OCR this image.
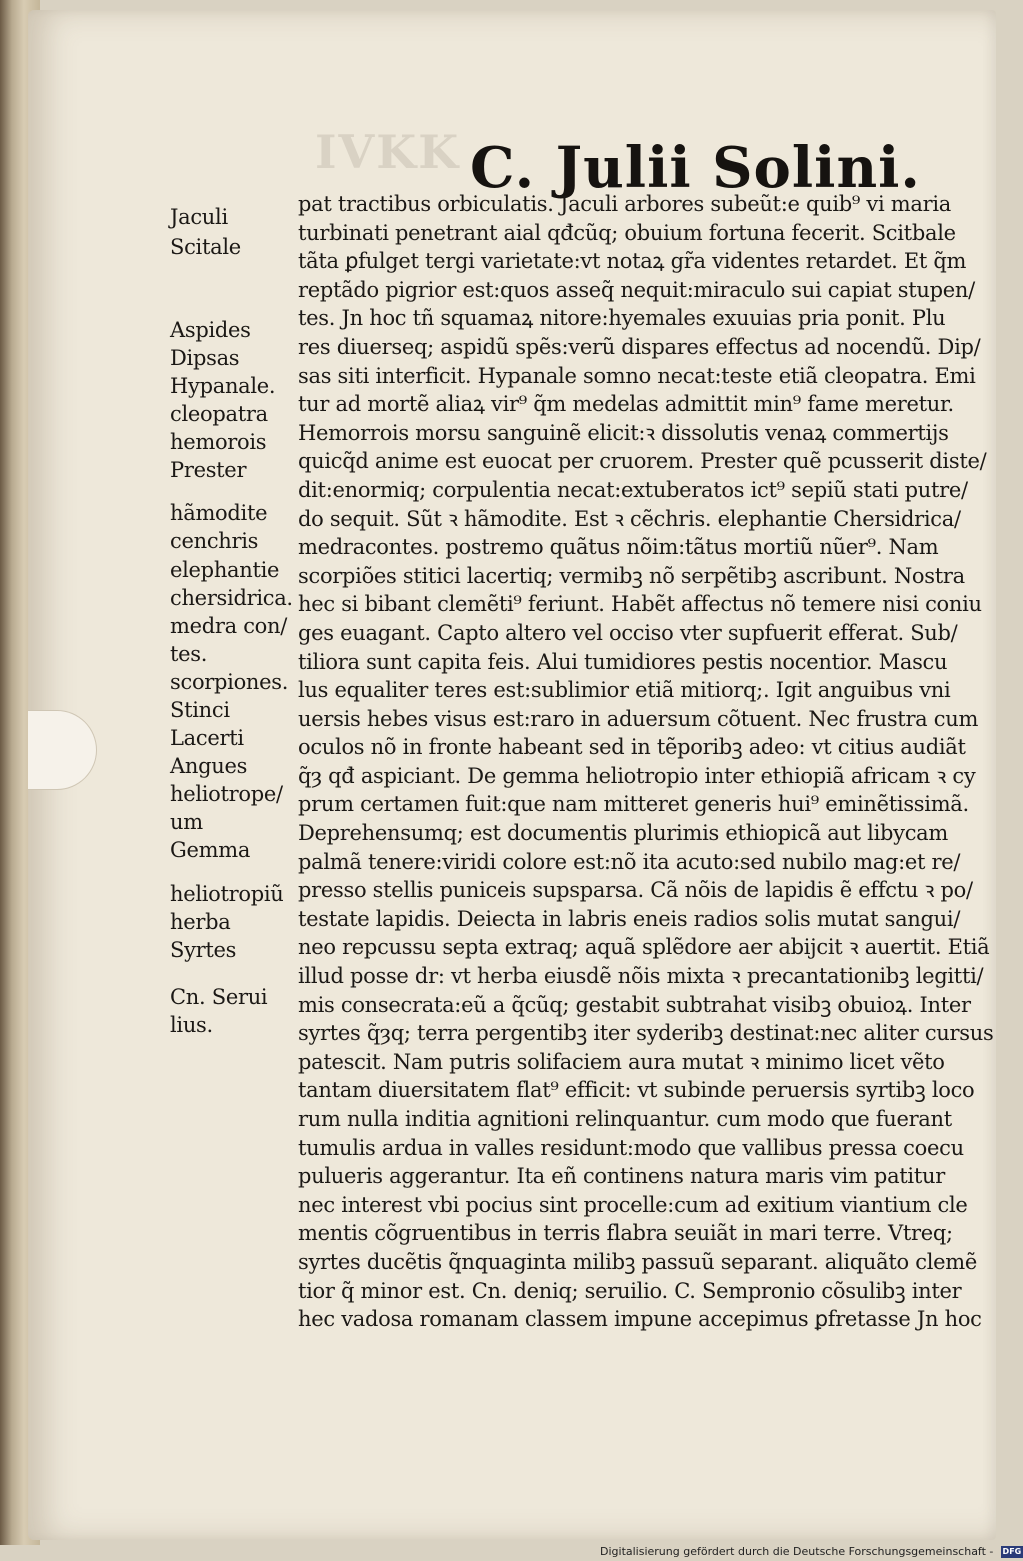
IVKK C. Julii Solini.
pat tractibus orbiculatis. Jaculi arbores subeũt:e quib⁹ vi maria
turbinati penetrant aial qđcũq; obuium fortuna fecerit. Scitbale
tãta ꝑfulget tergi varietate:vt notaꝝ gr̃a videntes retardet. Et q̃m
reptãdo pigrior est:quos asseq̃ nequit:miraculo sui capiat stupen/
tes. Jn hoc tñ squamaꝝ nitore:hyemales exuuias pria ponit. Plu
res diuerseq; aspidũ spẽs:verũ dispares effectus ad nocendũ. Dip/
sas siti interficit. Hypanale somno necat:teste etiã cleopatra. Emi
tur ad mortẽ aliaꝝ vir⁹ q̃m medelas admittit min⁹ fame meretur.
Hemorrois morsu sanguinẽ elicit:ꝛ dissolutis venaꝝ commertijs
quicq̃d anime est euocat per cruorem. Prester quẽ pcusserit diste/
dit:enormiq; corpulentia necat:extuberatos ict⁹ sepiũ stati putre/
do sequit. Sũt ꝛ hãmodite. Est ꝛ cẽchris. elephantie Chersidrica/
medracontes. postremo quãtus nõim:tãtus mortiũ nũer⁹. Nam
scorpiões stitici lacertiq; vermibꝫ nõ serpẽtibꝫ ascribunt. Nostra
hec si bibant clemẽti⁹ feriunt. Habẽt affectus nõ temere nisi coniu
ges euagant. Capto altero vel occiso vter supfuerit efferat. Sub/
tiliora sunt capita feis. Alui tumidiores pestis nocentior. Mascu
lus equaliter teres est:sublimior etiã mitiorq;. Igit anguibus vni
uersis hebes visus est:raro in aduersum cõtuent. Nec frustra cum
oculos nõ in fronte habeant sed in tẽporibꝫ adeo: vt citius audiãt
q̃ȝ qđ aspiciant. De gemma heliotropio inter ethiopiã africam ꝛ cy
prum certamen fuit:que nam mitteret generis hui⁹ eminẽtissimã.
Deprehensumq; est documentis plurimis ethiopicã aut libycam
palmã tenere:viridi colore est:nõ ita acuto:sed nubilo mag:et re/
presso stellis puniceis supsparsa. Cã nõis de lapidis ẽ effctu ꝛ po/
testate lapidis. Deiecta in labris eneis radios solis mutat sangui/
neo repcussu septa extraq; aquã splẽdore aer abijcit ꝛ auertit. Etiã
illud posse dr: vt herba eiusdẽ nõis mixta ꝛ precantationibꝫ legitti/
mis consecrata:eũ a q̃cũq; gestabit subtrahat visibꝫ obuioꝝ. Inter
syrtes q̃ȝq; terra pergentibꝫ iter syderibꝫ destinat:nec aliter cursus
patescit. Nam putris solifaciem aura mutat ꝛ minimo licet vẽto
tantam diuersitatem flat⁹ efficit: vt subinde peruersis syrtibꝫ loco
rum nulla inditia agnitioni relinquantur. cum modo que fuerant
tumulis ardua in valles residunt:modo que vallibus pressa coecu
pulueris aggerantur. Ita eñ continens natura maris vim patitur
nec interest vbi pocius sint procelle:cum ad exitium viantium cle
mentis cõgruentibus in terris flabra seuiãt in mari terre. Vtreq;
syrtes ducẽtis q̃nquaginta milibꝫ passuũ separant. aliquãto clemẽ
tior q̃ minor est. Cn. deniq; seruilio. C. Sempronio cõsulibꝫ inter
hec vadosa romanam classem impune accepimus ꝑfretasse Jn hoc
Jaculi
Scitale
Aspides
Dipsas
Hypanale.
cleopatra
hemorois
Prester
hãmodite
cenchris
elephantie
chersidrica.
medra con/
tes.
scorpiones.
Stinci
Lacerti
Angues
heliotrope/
um
Gemma
heliotropiũ
herba
Syrtes
Cn. Serui
lius.
Digitalisierung gefördert durch die Deutsche Forschungsgemeinschaft - DFG
